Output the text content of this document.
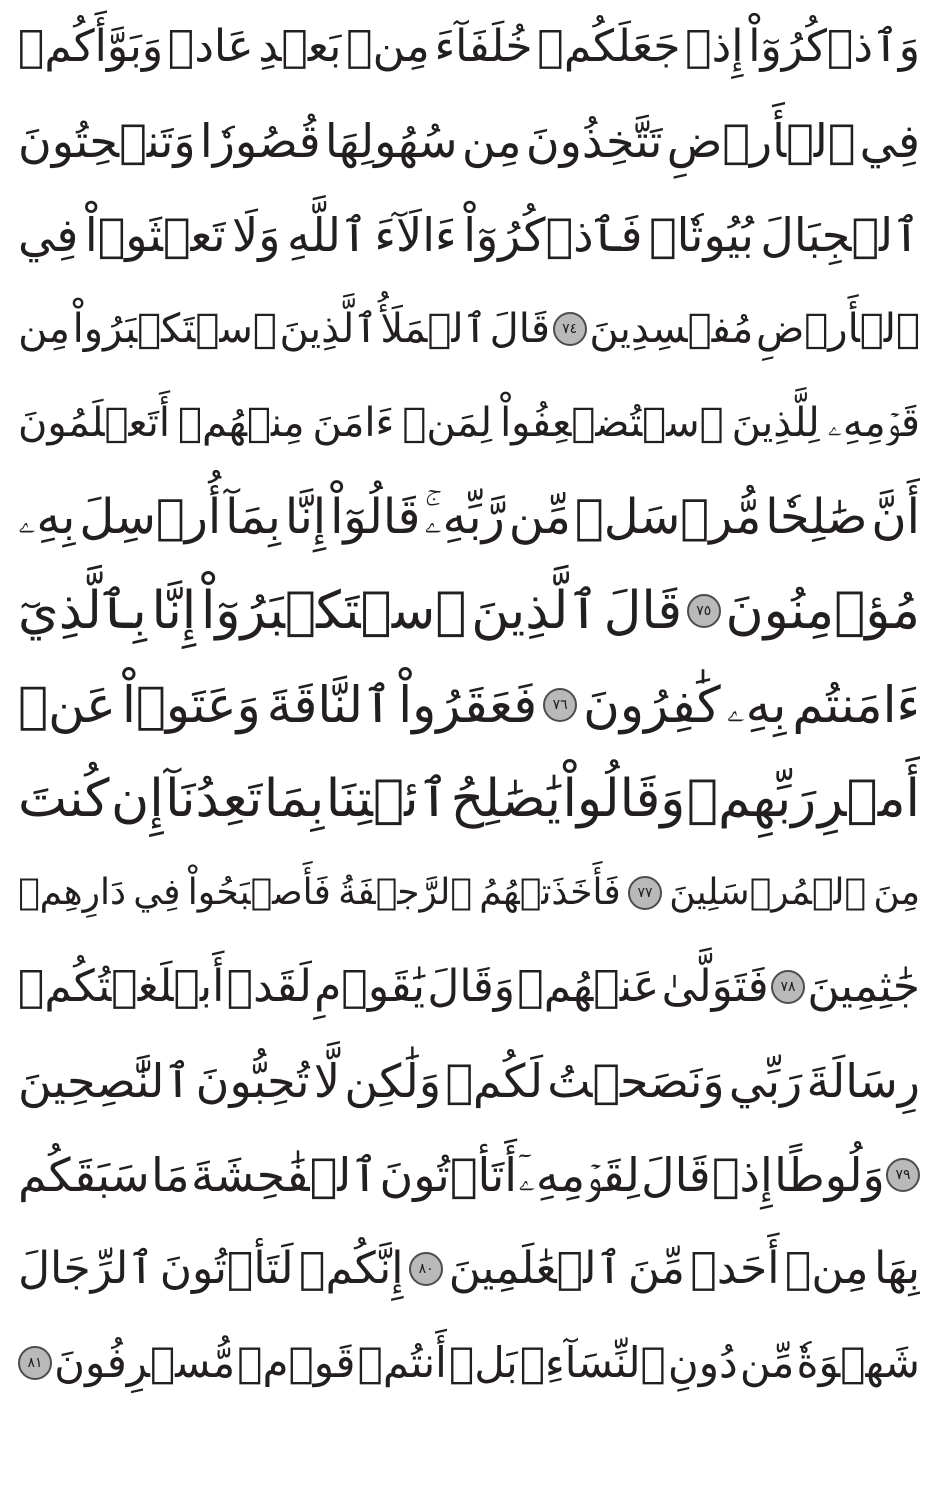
وَٱذۡكُرُوٓاْ
إِذۡ
جَعَلَكُمۡ
خُلَفَآءَ
مِنۢ
بَعۡدِ
عَادٖ
وَبَوَّأَكُمۡ
فِي
ٱلۡأَرۡضِ
تَتَّخِذُونَ
مِن
سُهُولِهَا
قُصُورٗا
وَتَنۡحِتُونَ
ٱلۡجِبَالَ
بُيُوتٗاۖ
فَٱذۡكُرُوٓاْ
ءَالَآءَ
ٱللَّهِ
وَلَا
تَعۡثَوۡاْ
فِي
ٱلۡأَرۡضِ
مُفۡسِدِينَ
٧٤
قَالَ
ٱلۡمَلَأُ
ٱلَّذِينَ
ٱسۡتَكۡبَرُواْ
مِن
قَوۡمِهِۦ
لِلَّذِينَ
ٱسۡتُضۡعِفُواْ
لِمَنۡ
ءَامَنَ
مِنۡهُمۡ
أَتَعۡلَمُونَ
أَنَّ
صَٰلِحٗا
مُّرۡسَلٞ
مِّن
رَّبِّهِۦۚ
قَالُوٓاْ
إِنَّا
بِمَآ
أُرۡسِلَ
بِهِۦ
مُؤۡمِنُونَ
٧٥
قَالَ
ٱلَّذِينَ
ٱسۡتَكۡبَرُوٓاْ
إِنَّا
بِٱلَّذِيٓ
ءَامَنتُم
بِهِۦ
كَٰفِرُونَ
٧٦
فَعَقَرُواْ
ٱلنَّاقَةَ
وَعَتَوۡاْ
عَنۡ
أَمۡرِ
رَبِّهِمۡ
وَقَالُواْ
يَٰصَٰلِحُ
ٱئۡتِنَا
بِمَا
تَعِدُنَآ
إِن
كُنتَ
مِنَ
ٱلۡمُرۡسَلِينَ
٧٧
فَأَخَذَتۡهُمُ
ٱلرَّجۡفَةُ
فَأَصۡبَحُواْ
فِي
دَارِهِمۡ
جَٰثِمِينَ
٧٨
فَتَوَلَّىٰ
عَنۡهُمۡ
وَقَالَ
يَٰقَوۡمِ
لَقَدۡ
أَبۡلَغۡتُكُمۡ
رِسَالَةَ
رَبِّي
وَنَصَحۡتُ
لَكُمۡ
وَلَٰكِن
لَّا
تُحِبُّونَ
ٱلنَّٰصِحِينَ
٧٩
وَلُوطًا
إِذۡ
قَالَ
لِقَوۡمِهِۦٓ
أَتَأۡتُونَ
ٱلۡفَٰحِشَةَ
مَا
سَبَقَكُم
بِهَا
مِنۡ
أَحَدٖ
مِّنَ
ٱلۡعَٰلَمِينَ
٨٠
إِنَّكُمۡ
لَتَأۡتُونَ
ٱلرِّجَالَ
شَهۡوَةٗ
مِّن
دُونِ
ٱلنِّسَآءِۚ
بَلۡ
أَنتُمۡ
قَوۡمٞ
مُّسۡرِفُونَ
٨١
